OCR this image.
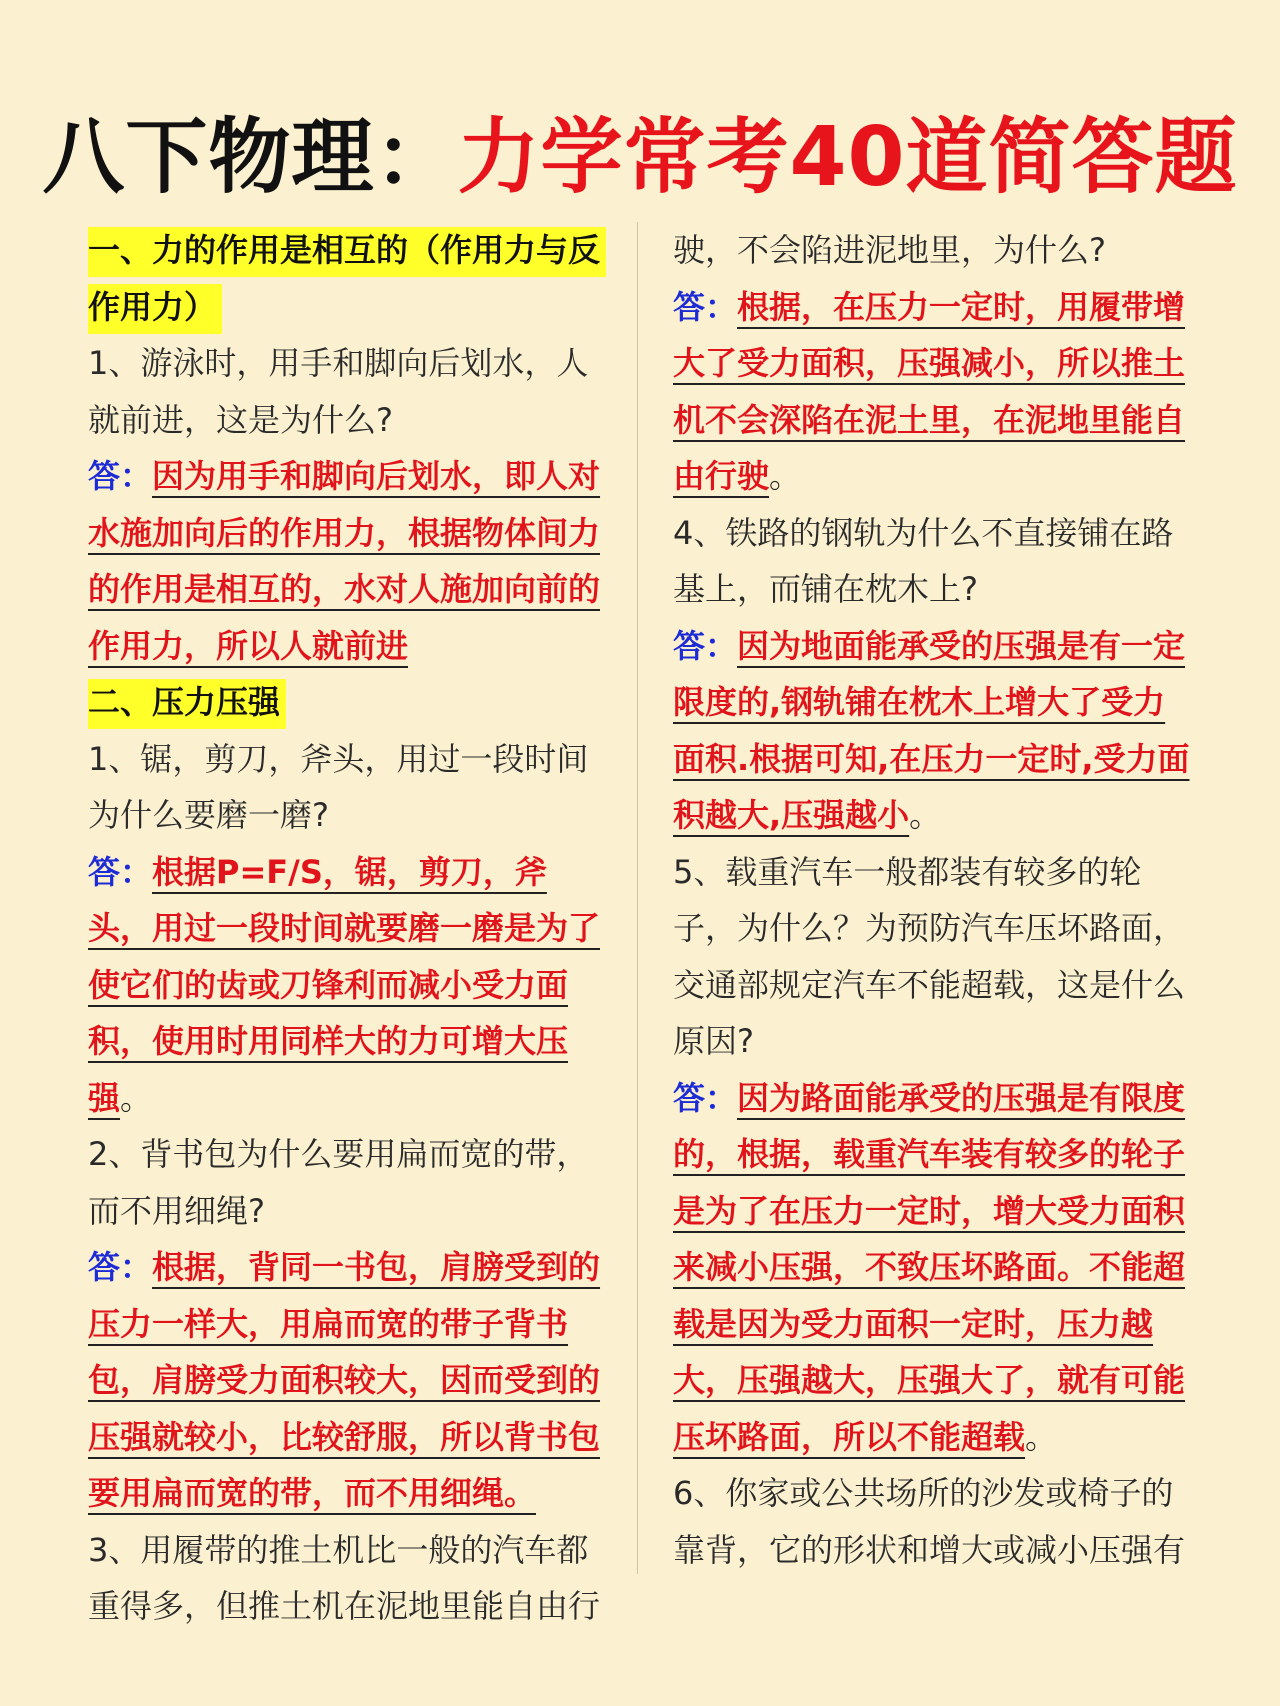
八下物理：力学常考40道简答题

一、力的作用是相互的（作用力与反作用力）

1、游泳时，用手和脚向后划水，人就前进，这是为什么?

答：因为用手和脚向后划水，即人对水施加向后的作用力，根据物体间力的作用是相互的，水对人施加向前的作用力，所以人就前进

二、压力压强

1、锯，剪刀，斧头，用过一段时间为什么要磨一磨?

答：根据P=F/S，锯，剪刀，斧头，用过一段时间就要磨一磨是为了使它们的齿或刀锋利而减小受力面积，使用时用同样大的力可增大压强。

2、背书包为什么要用扁而宽的带，而不用细绳?

答：根据，背同一书包，肩膀受到的压力一样大，用扁而宽的带子背书包，肩膀受力面积较大，因而受到的压强就较小，比较舒服，所以背书包要用扁而宽的带，而不用细绳。

3、用履带的推土机比一般的汽车都重得多，但推土机在泥地里能自由行

驶，不会陷进泥地里，为什么?

答：根据，在压力一定时，用履带增大了受力面积，压强减小，所以推土机不会深陷在泥土里，在泥地里能自由行驶。

4、铁路的钢轨为什么不直接铺在路基上，而铺在枕木上?

答：因为地面能承受的压强是有一定限度的,钢轨铺在枕木上增大了受力面积.根据可知,在压力一定时,受力面积越大,压强越小。

5、载重汽车一般都装有较多的轮子，为什么？为预防汽车压坏路面，交通部规定汽车不能超载，这是什么原因?

答：因为路面能承受的压强是有限度的，根据，载重汽车装有较多的轮子是为了在压力一定时，增大受力面积来减小压强，不致压坏路面。不能超载是因为受力面积一定时，压力越大，压强越大，压强大了，就有可能压坏路面，所以不能超载。

6、你家或公共场所的沙发或椅子的靠背，它的形状和增大或减小压强有
